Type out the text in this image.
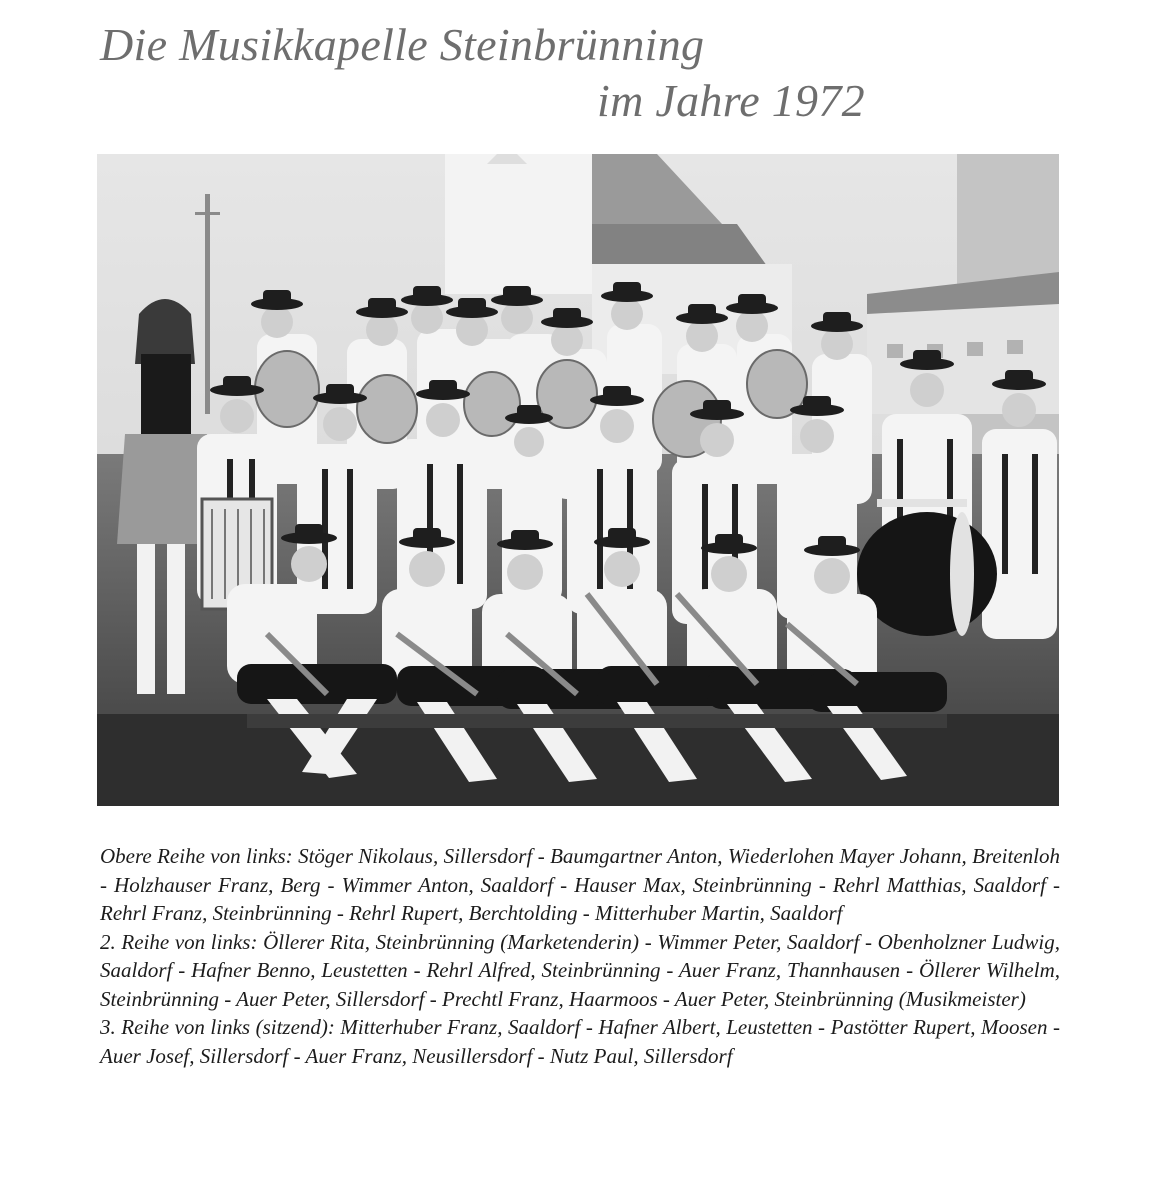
Die Musikkapelle Steinbrünning
im Jahre 1972

Obere Reihe von links: Stöger Nikolaus, Sillersdorf - Baumgartner Anton, Wiederlohen Mayer Johann, Breitenloh - Holzhauser Franz, Berg - Wimmer Anton, Saaldorf - Hauser Max, Steinbrünning - Rehrl Matthias, Saaldorf - Rehrl Franz, Steinbrünning - Rehrl Rupert, Berchtolding - Mitterhuber Martin, Saaldorf

2. Reihe von links: Öllerer Rita, Steinbrünning (Marketenderin) - Wimmer Peter, Saaldorf - Obenholzner Ludwig, Saaldorf - Hafner Benno, Leustetten - Rehrl Alfred, Steinbrünning - Auer Franz, Thannhausen - Öllerer Wilhelm, Steinbrünning - Auer Peter, Sillersdorf - Prechtl Franz, Haarmoos - Auer Peter, Steinbrünning (Musikmeister)

3. Reihe von links (sitzend): Mitterhuber Franz, Saaldorf - Hafner Albert, Leustetten - Pastötter Rupert, Moosen - Auer Josef, Sillersdorf - Auer Franz, Neusillersdorf - Nutz Paul, Sillersdorf
